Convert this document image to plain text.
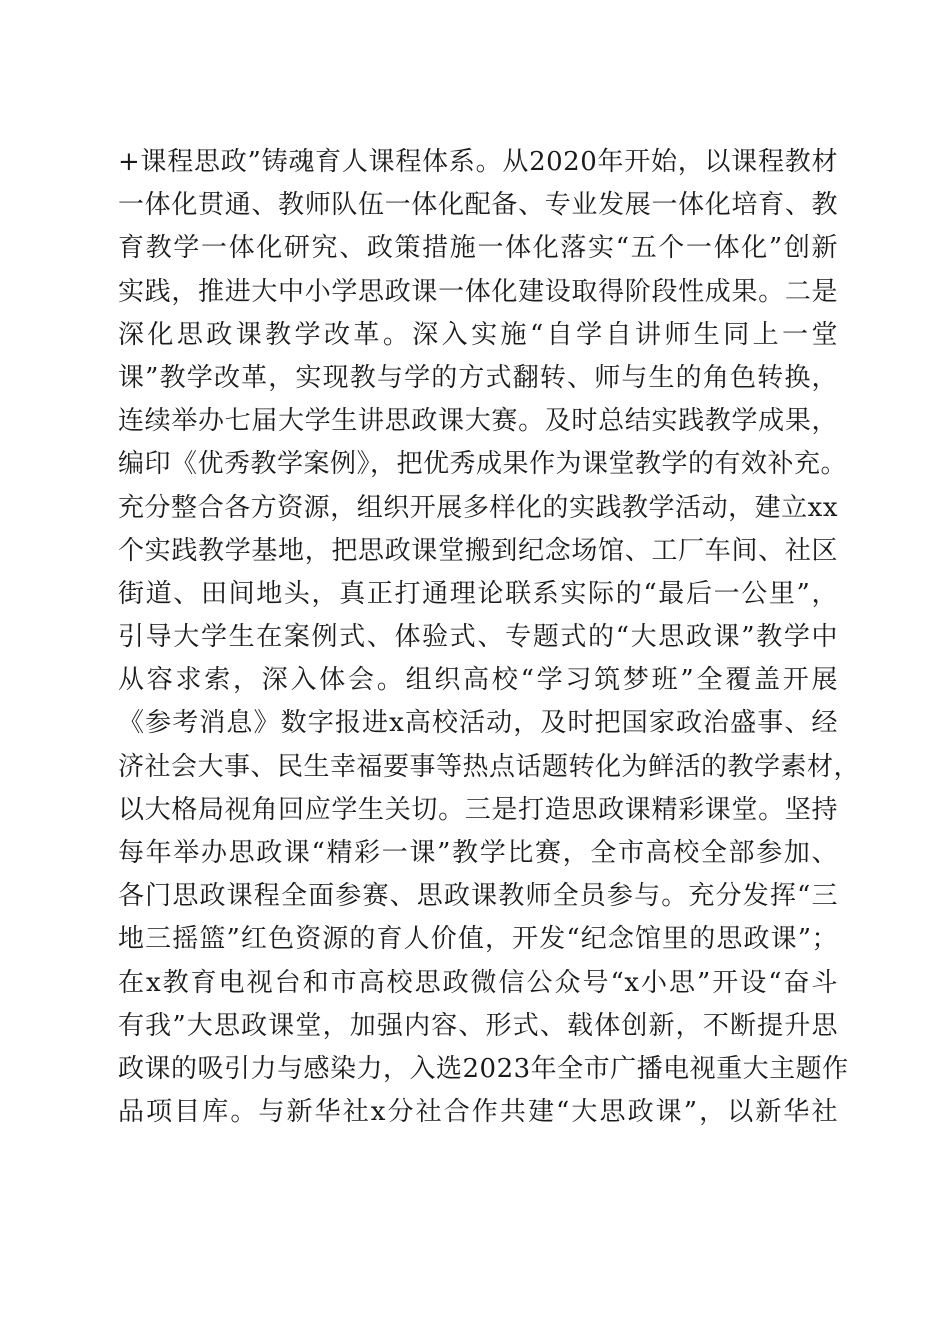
+课程思政”铸魂育人课程体系。从2020年开始，以课程教材
一体化贯通、教师队伍一体化配备、专业发展一体化培育、教
育教学一体化研究、政策措施一体化落实“五个一体化”创新
实践，推进大中小学思政课一体化建设取得阶段性成果。二是
深化思政课教学改革。深入实施“自学自讲师生同上一堂
课”教学改革，实现教与学的方式翻转、师与生的角色转换，
连续举办七届大学生讲思政课大赛。及时总结实践教学成果，
编印《优秀教学案例》，把优秀成果作为课堂教学的有效补充。
充分整合各方资源，组织开展多样化的实践教学活动，建立xx
个实践教学基地，把思政课堂搬到纪念场馆、工厂车间、社区
街道、田间地头，真正打通理论联系实际的“最后一公里”，
引导大学生在案例式、体验式、专题式的“大思政课”教学中
从容求索，深入体会。组织高校“学习筑梦班”全覆盖开展
《参考消息》数字报进x高校活动，及时把国家政治盛事、经
济社会大事、民生幸福要事等热点话题转化为鲜活的教学素材，
以大格局视角回应学生关切。三是打造思政课精彩课堂。坚持
每年举办思政课“精彩一课”教学比赛，全市高校全部参加、
各门思政课程全面参赛、思政课教师全员参与。充分发挥“三
地三摇篮”红色资源的育人价值，开发“纪念馆里的思政课”；
在x教育电视台和市高校思政微信公众号“x小思”开设“奋斗
有我”大思政课堂，加强内容、形式、载体创新，不断提升思
政课的吸引力与感染力，入选2023年全市广播电视重大主题作
品项目库。与新华社x分社合作共建“大思政课”，以新华社
